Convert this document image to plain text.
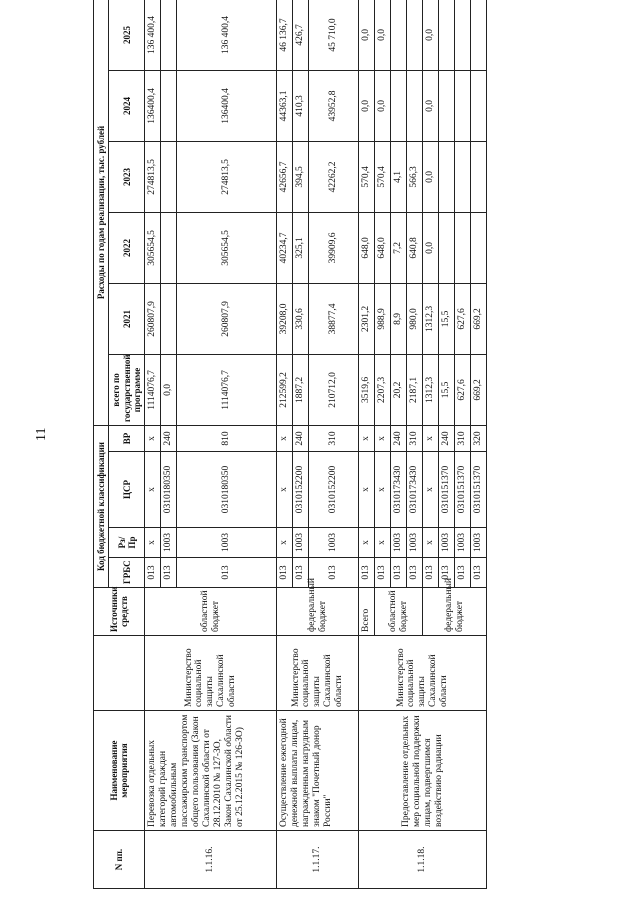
11
N пп.	Наименование мероприятия		Источники средств	Код бюджетной классификации				Расходы по годам реализации, тыс. рублей					
				ГРБС	Рз/ Пр	ЦСР	ВР	всего по государственной программе	2021	2022	2023	2024	2025
1.1.16.	Перевозка отдельных категорий граждан автомобильным пассажирским транспортом общего пользования (Закон Сахалинской области от 28.12.2010 № 127-ЗО, Закон Сахалинской области от 25.12.2015 № 126-ЗО)	Министерство социальной защиты Сахалинской области	областной бюджет	013	х	х	х	1114076,7	260807,9	305654,5	274813,5	136400,4	136 400,4
				013	1003	0310180350	240	0,0					
				013	1003	0310180350	810	1114076,7	260807,9	305654,5	274813,5	136400,4	136 400,4
1.1.17.	Осуществление ежегодной денежной выплаты лицам, награжденным нагрудным знаком "Почетный донор России"	Министерство социальной защиты Сахалинской области	федеральный бюджет	013	х	х	х	212599,2	39208,0	40234,7	42656,7	44363,1	46 136,7
				013	1003	0310152200	240	1887,2	330,6	325,1	394,5	410,3	426,7
				013	1003	0310152200	310	210712,0	38877,4	39909,6	42262,2	43952,8	45 710,0
1.1.18.	Предоставление отдельных мер социальной поддержки лицам, подвергшимся воздействию радиации	Министерство социальной защиты Сахалинской области	Всего	013	х	х	х	3519,6	2301,2	648,0	570,4	0,0	0,0
			областной бюджет	013	х	х	х	2207,3	988,9	648,0	570,4	0,0	0,0
				013	1003	0310173430	240	20,2	8,9	7,2	4,1		
				013	1003	0310173430	310	2187,1	980,0	640,8	566,3		
			федеральный бюджет	013	х	х	х	1312,3	1312,3	0,0	0,0	0,0	0,0
				013	1003	0310151370	240	15,5	15,5				
				013	1003	0310151370	310	627,6	627,6				
				013	1003	0310151370	320	669,2	669,2				
